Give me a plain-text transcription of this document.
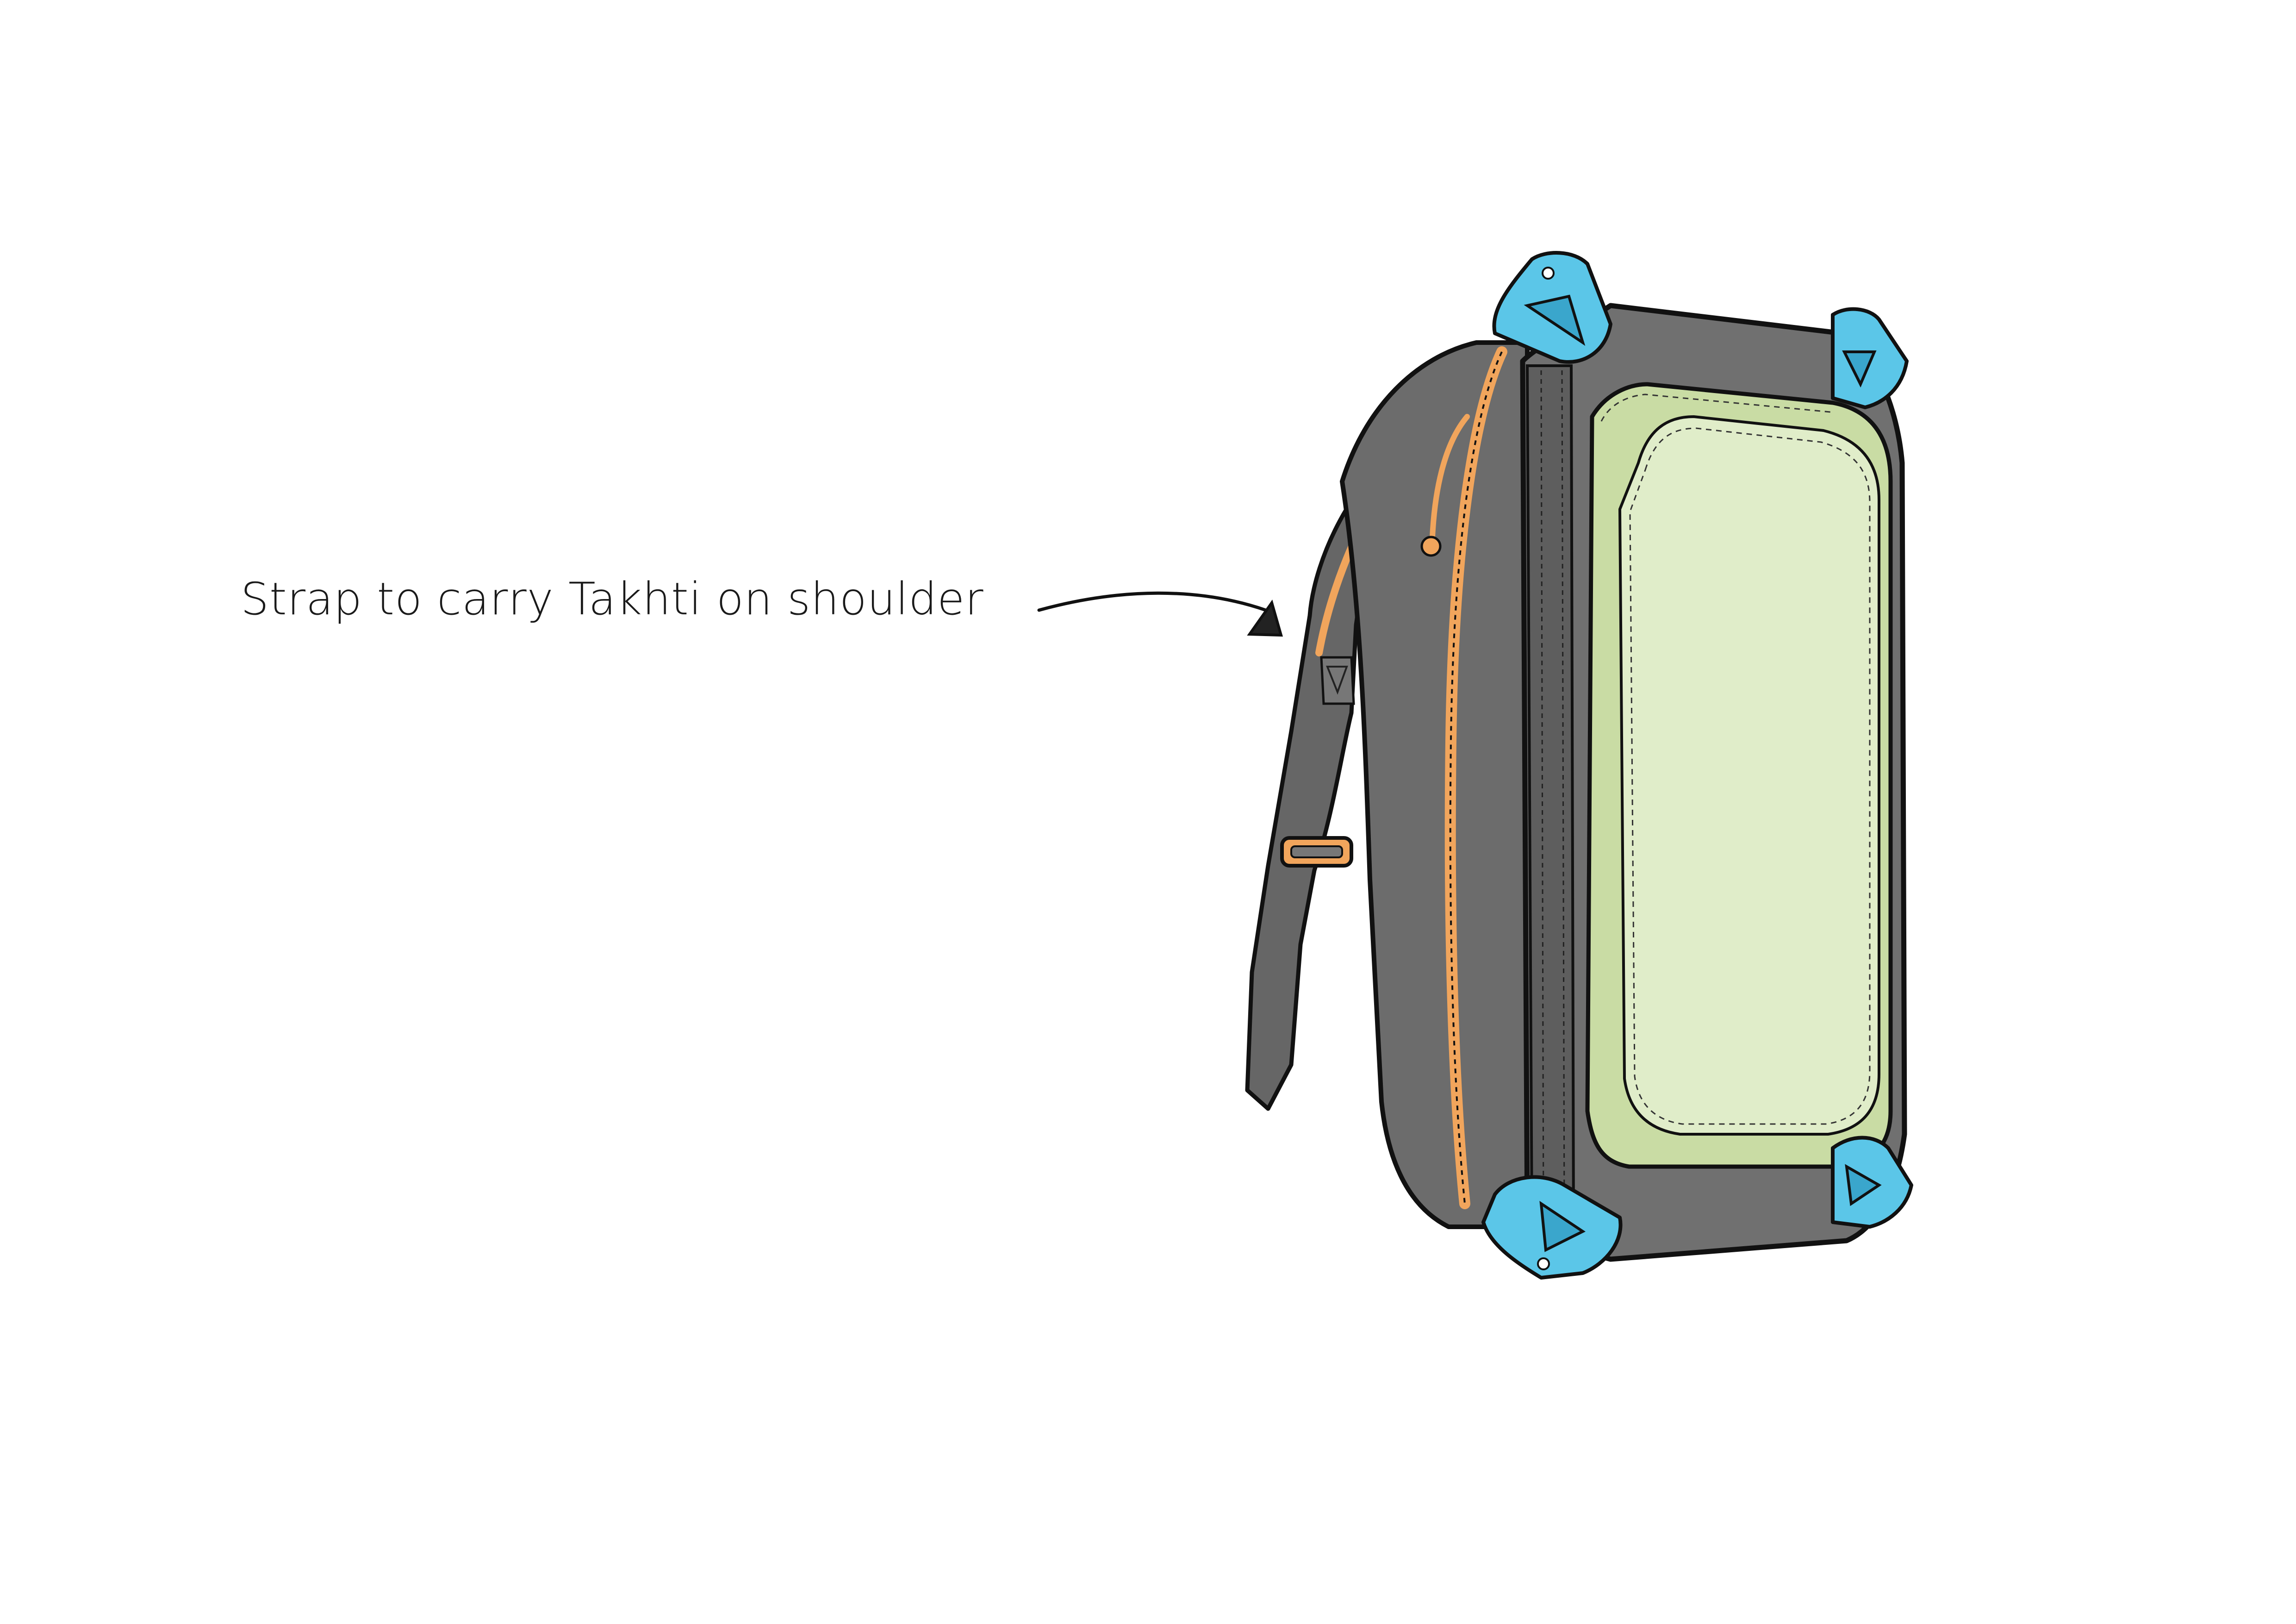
Strap to carry Takhti on shoulder
